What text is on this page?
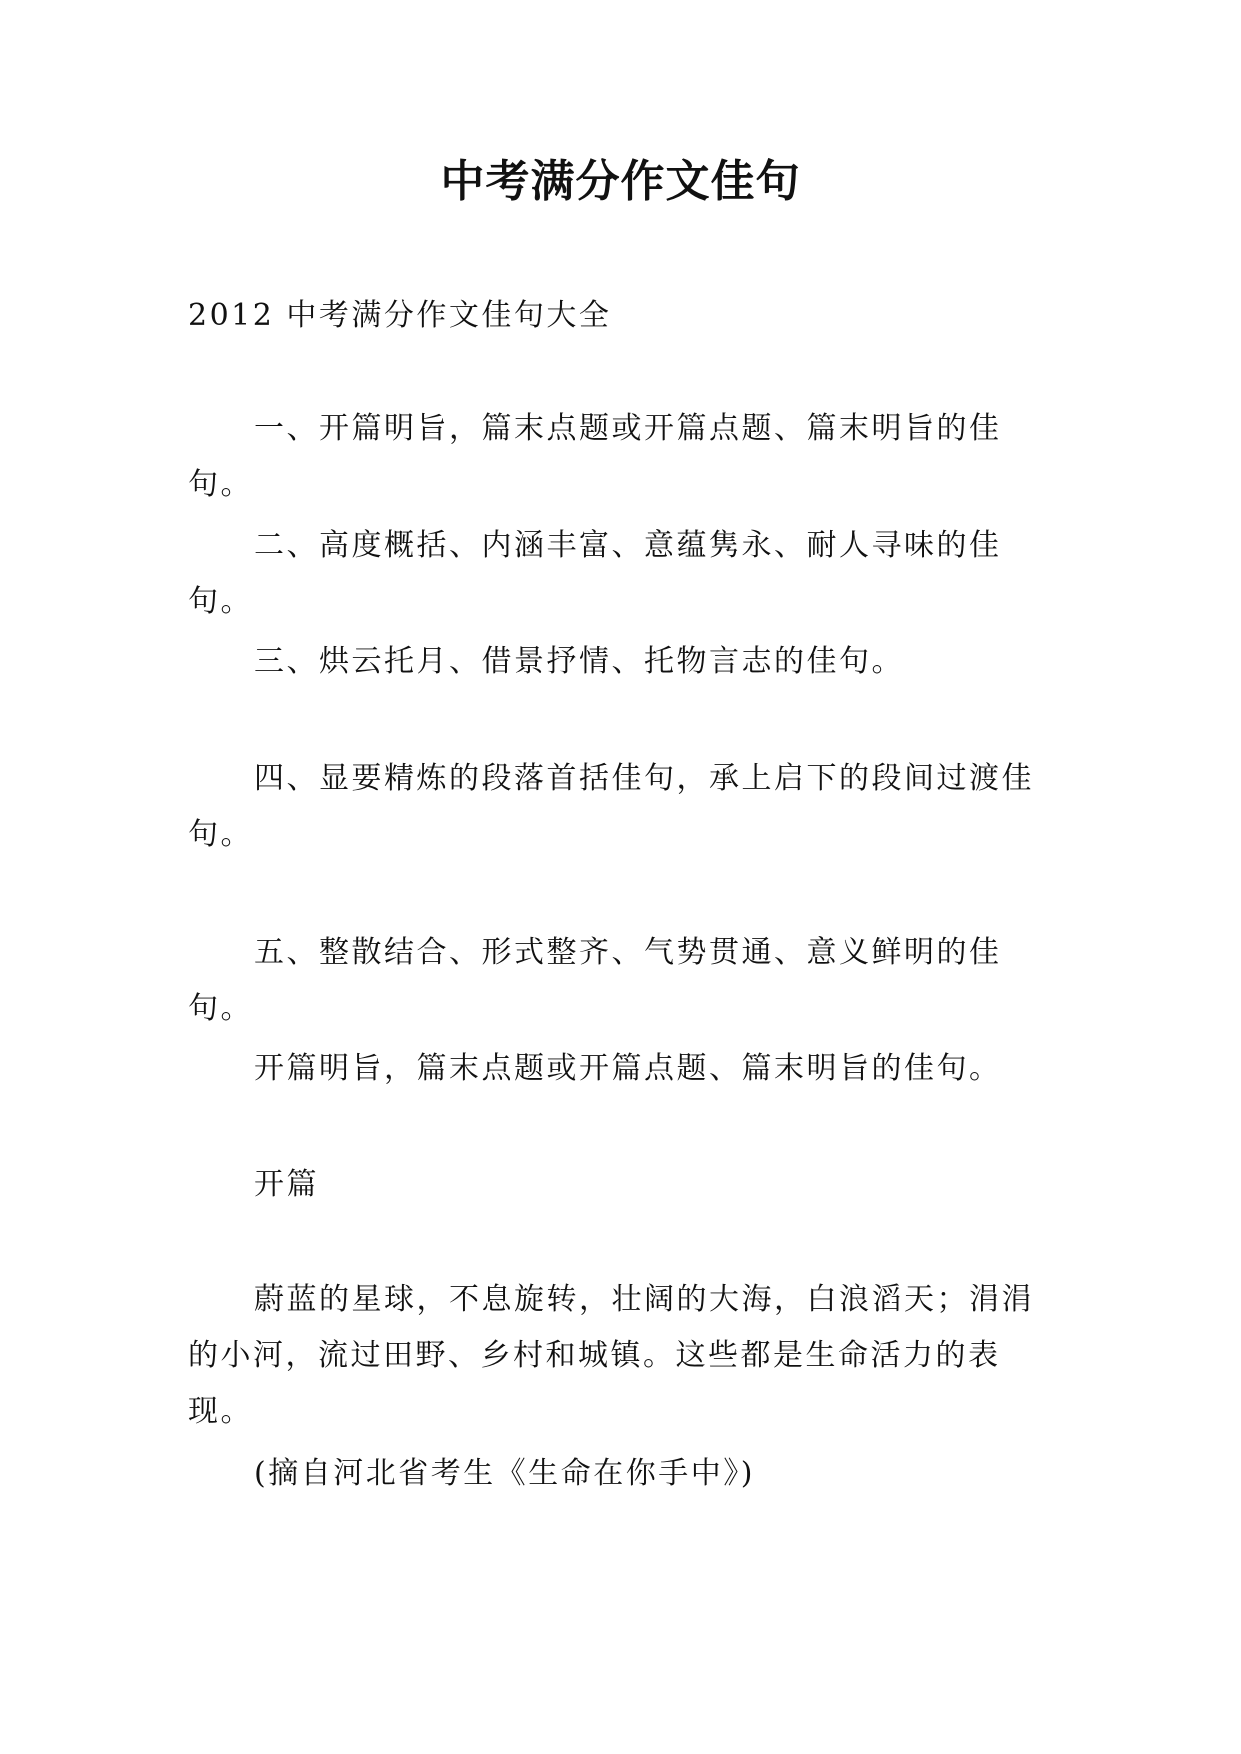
中考满分作文佳句
2012 中考满分作文佳句大全
一、开篇明旨，篇末点题或开篇点题、篇末明旨的佳句。
二、高度概括、内涵丰富、意蕴隽永、耐人寻味的佳句。
三、烘云托月、借景抒情、托物言志的佳句。
四、显要精炼的段落首括佳句，承上启下的段间过渡佳句。
五、整散结合、形式整齐、气势贯通、意义鲜明的佳句。
开篇明旨，篇末点题或开篇点题、篇末明旨的佳句。
开篇
蔚蓝的星球，不息旋转，壮阔的大海，白浪滔天；涓涓的小河，流过田野、乡村和城镇。这些都是生命活力的表现。
(摘自河北省考生《生命在你手中》)
